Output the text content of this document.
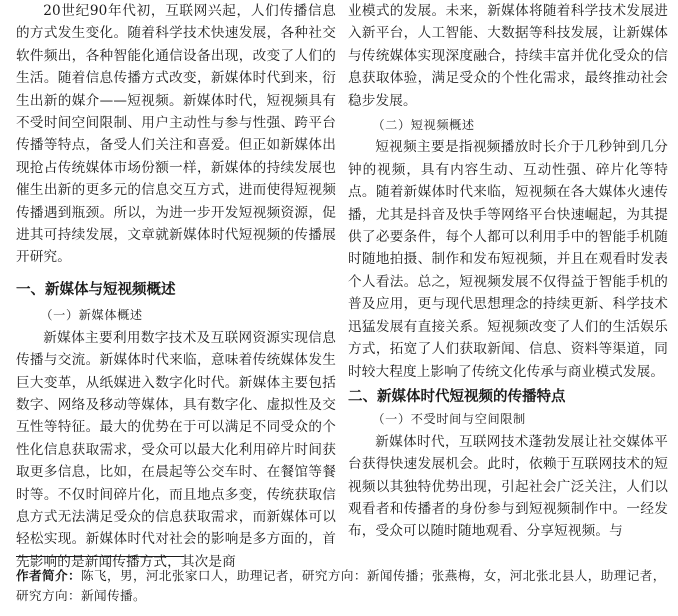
20世纪90年代初，互联网兴起，人们传播信息的方式发生变化。随着科学技术快速发展，各种社交软件频出，各种智能化通信设备出现，改变了人们的生活。随着信息传播方式改变，新媒体时代到来，衍生出新的媒介——短视频。新媒体时代，短视频具有不受时间空间限制、用户主动性与参与性强、跨平台传播等特点，备受人们关注和喜爱。但正如新媒体出现抢占传统媒体市场份额一样，新媒体的持续发展也催生出新的更多元的信息交互方式，进而使得短视频传播遇到瓶颈。所以，为进一步开发短视频资源，促进其可持续发展，文章就新媒体时代短视频的传播展开研究。

一、新媒体与短视频概述
（一）新媒体概述

新媒体主要利用数字技术及互联网资源实现信息传播与交流。新媒体时代来临，意味着传统媒体发生巨大变革，从纸媒进入数字化时代。新媒体主要包括数字、网络及移动等媒体，具有数字化、虚拟性及交互性等特征。最大的优势在于可以满足不同受众的个性化信息获取需求，受众可以最大化利用碎片时间获取更多信息，比如，在晨起等公交车时、在餐馆等餐时等。不仅时间碎片化，而且地点多变，传统获取信息方式无法满足受众的信息获取需求，而新媒体可以轻松实现。新媒体时代对社会的影响是多方面的，首先影响的是新闻传播方式，其次是商

业模式的发展。未来，新媒体将随着科学技术发展进入新平台，人工智能、大数据等科技发展，让新媒体与传统媒体实现深度融合，持续丰富并优化受众的信息获取体验，满足受众的个性化需求，最终推动社会稳步发展。

（二）短视频概述

短视频主要是指视频播放时长介于几秒钟到几分钟的视频，具有内容生动、互动性强、碎片化等特点。随着新媒体时代来临，短视频在各大媒体火速传播，尤其是抖音及快手等网络平台快速崛起，为其提供了必要条件，每个人都可以利用手中的智能手机随时随地拍摄、制作和发布短视频，并且在观看时发表个人看法。总之，短视频发展不仅得益于智能手机的普及应用，更与现代思想理念的持续更新、科学技术迅猛发展有直接关系。短视频改变了人们的生活娱乐方式，拓宽了人们获取新闻、信息、资料等渠道，同时较大程度上影响了传统文化传承与商业模式发展。

二、新媒体时代短视频的传播特点
（一）不受时间与空间限制

新媒体时代，互联网技术蓬勃发展让社交媒体平台获得快速发展机会。此时，依赖于互联网技术的短视频以其独特优势出现，引起社会广泛关注，人们以观看者和传播者的身份参与到短视频制作中。一经发布，受众可以随时随地观看、分享短视频。与

作者简介：陈飞，男，河北张家口人，助理记者，研究方向：新闻传播；张燕梅，女，河北张北县人，助理记者，研究方向：新闻传播。
